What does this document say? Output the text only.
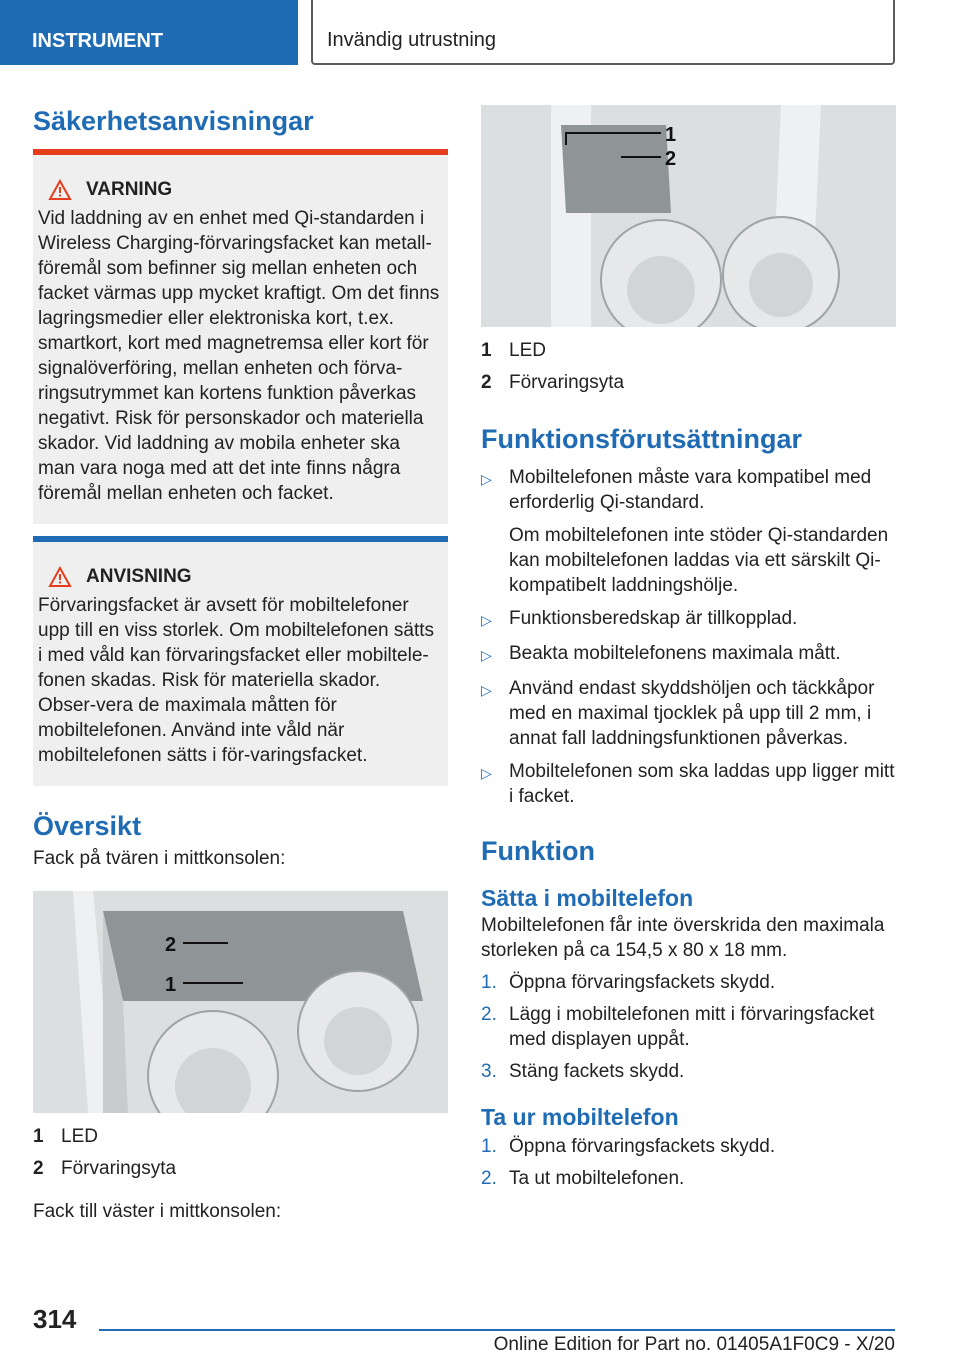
INSTRUMENT	Invändig utrustning
Säkerhetsanvisningar
VARNING
Vid laddning av en enhet med Qi-standarden i Wireless Charging-förvaringsfacket kan metall-föremål som befinner sig mellan enheten och facket värmas upp mycket kraftigt. Om det finns lagringsmedier eller elektroniska kort, t.ex. smartkort, kort med magnetremsa eller kort för signalöverföring, mellan enheten och förva-ringsutrymmet kan kortens funktion påverkas negativt. Risk för personskador och materiella skador. Vid laddning av mobila enheter ska man vara noga med att det inte finns några föremål mellan enheten och facket.
ANVISNING
Förvaringsfacket är avsett för mobiltelefoner upp till en viss storlek. Om mobiltelefonen sätts i med våld kan förvaringsfacket eller mobiltele-fonen skadas. Risk för materiella skador. Obser-vera de maximala måtten för mobiltelefonen. Använd inte våld när mobiltelefonen sätts i för-varingsfacket.
Översikt
Fack på tvären i mittkonsolen:
2
1
1 LED
2 Förvaringsyta
Fack till väster i mittkonsolen:
1
2
1 LED
2 Förvaringsyta
Funktionsförutsättningar
▷ Mobiltelefonen måste vara kompatibel med erforderlig Qi-standard.
Om mobiltelefonen inte stöder Qi-standarden kan mobiltelefonen laddas via ett särskilt Qi-kompatibelt laddningshölje.
▷ Funktionsberedskap är tillkopplad.
▷ Beakta mobiltelefonens maximala mått.
▷ Använd endast skyddshöljen och täckkåpor med en maximal tjocklek på upp till 2 mm, i annat fall laddningsfunktionen påverkas.
▷ Mobiltelefonen som ska laddas upp ligger mitt i facket.
Funktion
Sätta i mobiltelefon
Mobiltelefonen får inte överskrida den maximala storleken på ca 154,5 x 80 x 18 mm.
1. Öppna förvaringsfackets skydd.
2. Lägg i mobiltelefonen mitt i förvaringsfacket med displayen uppåt.
3. Stäng fackets skydd.
Ta ur mobiltelefon
1. Öppna förvaringsfackets skydd.
2. Ta ut mobiltelefonen.
314
Online Edition for Part no. 01405A1F0C9 - X/20
